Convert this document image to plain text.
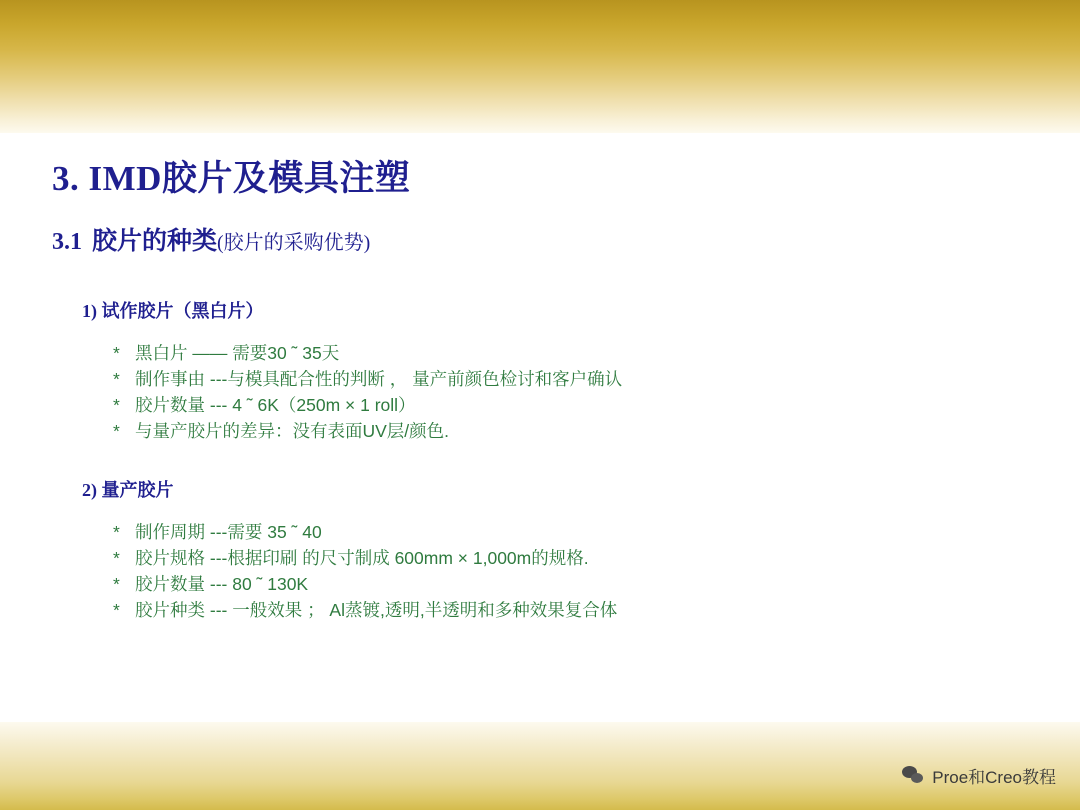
3. IMD胶片及模具注塑
3.1 胶片的种类(胶片的采购优势)
1) 试作胶片（黑白片）
* 黑白片 —— 需要30 ˜ 35天
* 制作事由 ---与模具配合性的判断 ， 量产前颜色检讨和客户确认
* 胶片数量 --- 4 ˜ 6K（250m × 1 roll）
* 与量产胶片的差异：没有表面UV层/颜色.
2) 量产胶片
* 制作周期 ---需要 35 ˜ 40
* 胶片规格 ---根据印刷 的尺寸制成 600mm × 1,000m的规格.
* 胶片数量 --- 80 ˜ 130K
* 胶片种类 --- 一般效果 ； Al蒸镀,透明,半透明和多种效果复合体
Proe和Creo教程
